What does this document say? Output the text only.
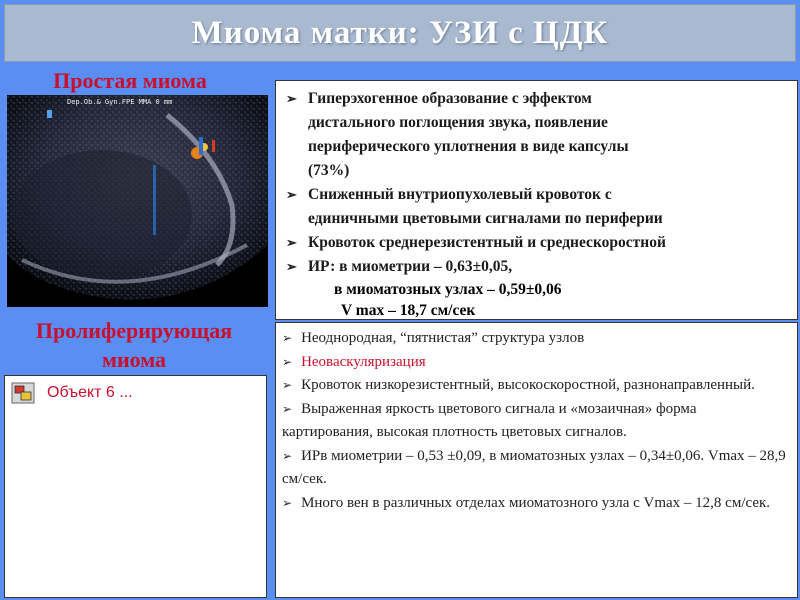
Миома матки: УЗИ с ЦДК
Простая миома
Dep.Ob.& Gyn.FPE MMA 0 mm	➢ Гиперэхогенное образование с эффектом
дистального поглощения звука, появление
периферического уплотнения в виде капсулы
(73%)
➢ Сниженный внутриопухолевый кровоток с
единичными цветовыми сигналами по периферии
➢ Кровоток среднерезистентный и среднескоростной
➢ ИР: в миометрии – 0,63±0,05,
в миоматозных узлах – 0,59±0,06
V max – 18,7 см/сек
Пролиферирующая
миома
➢ Неоднородная, “пятнистая” структура узлов
➢ Неоваскуляризация
➢ Кровоток низкорезистентный, высокоскоростной, разнонаправленный.
➢ Выраженная яркость цветового сигнала и «мозаичная» форма картирования, высокая плотность цветовых сигналов.
➢ ИРв миометрии – 0,53 ±0,09, в миоматозных узлах – 0,34±0,06. Vmax – 28,9 см/сек.
➢ Много вен в различных отделах миоматозного узла с Vmax – 12,8 см/сек.
Объект 6 ...
